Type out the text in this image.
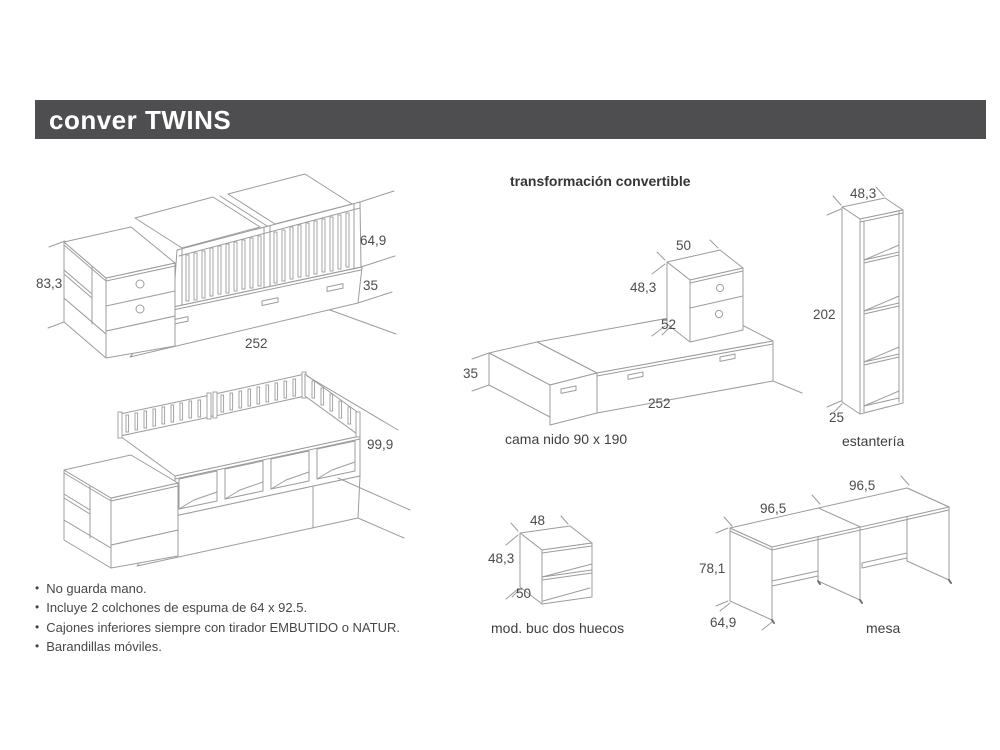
conver TWINS
transformación convertible
83,3
64,9
35
252
99,9
50
48,3
52
35
252
cama nido 90 x 190
48,3
202
25
estantería
48
48,3
50
mod. buc dos huecos
96,5
96,5
78,1
64,9	mesa
• No guarda mano.
• Incluye 2 colchones de espuma de 64 x 92.5.
• Cajones inferiores siempre con tirador EMBUTIDO o NATUR.
• Barandillas móviles.
